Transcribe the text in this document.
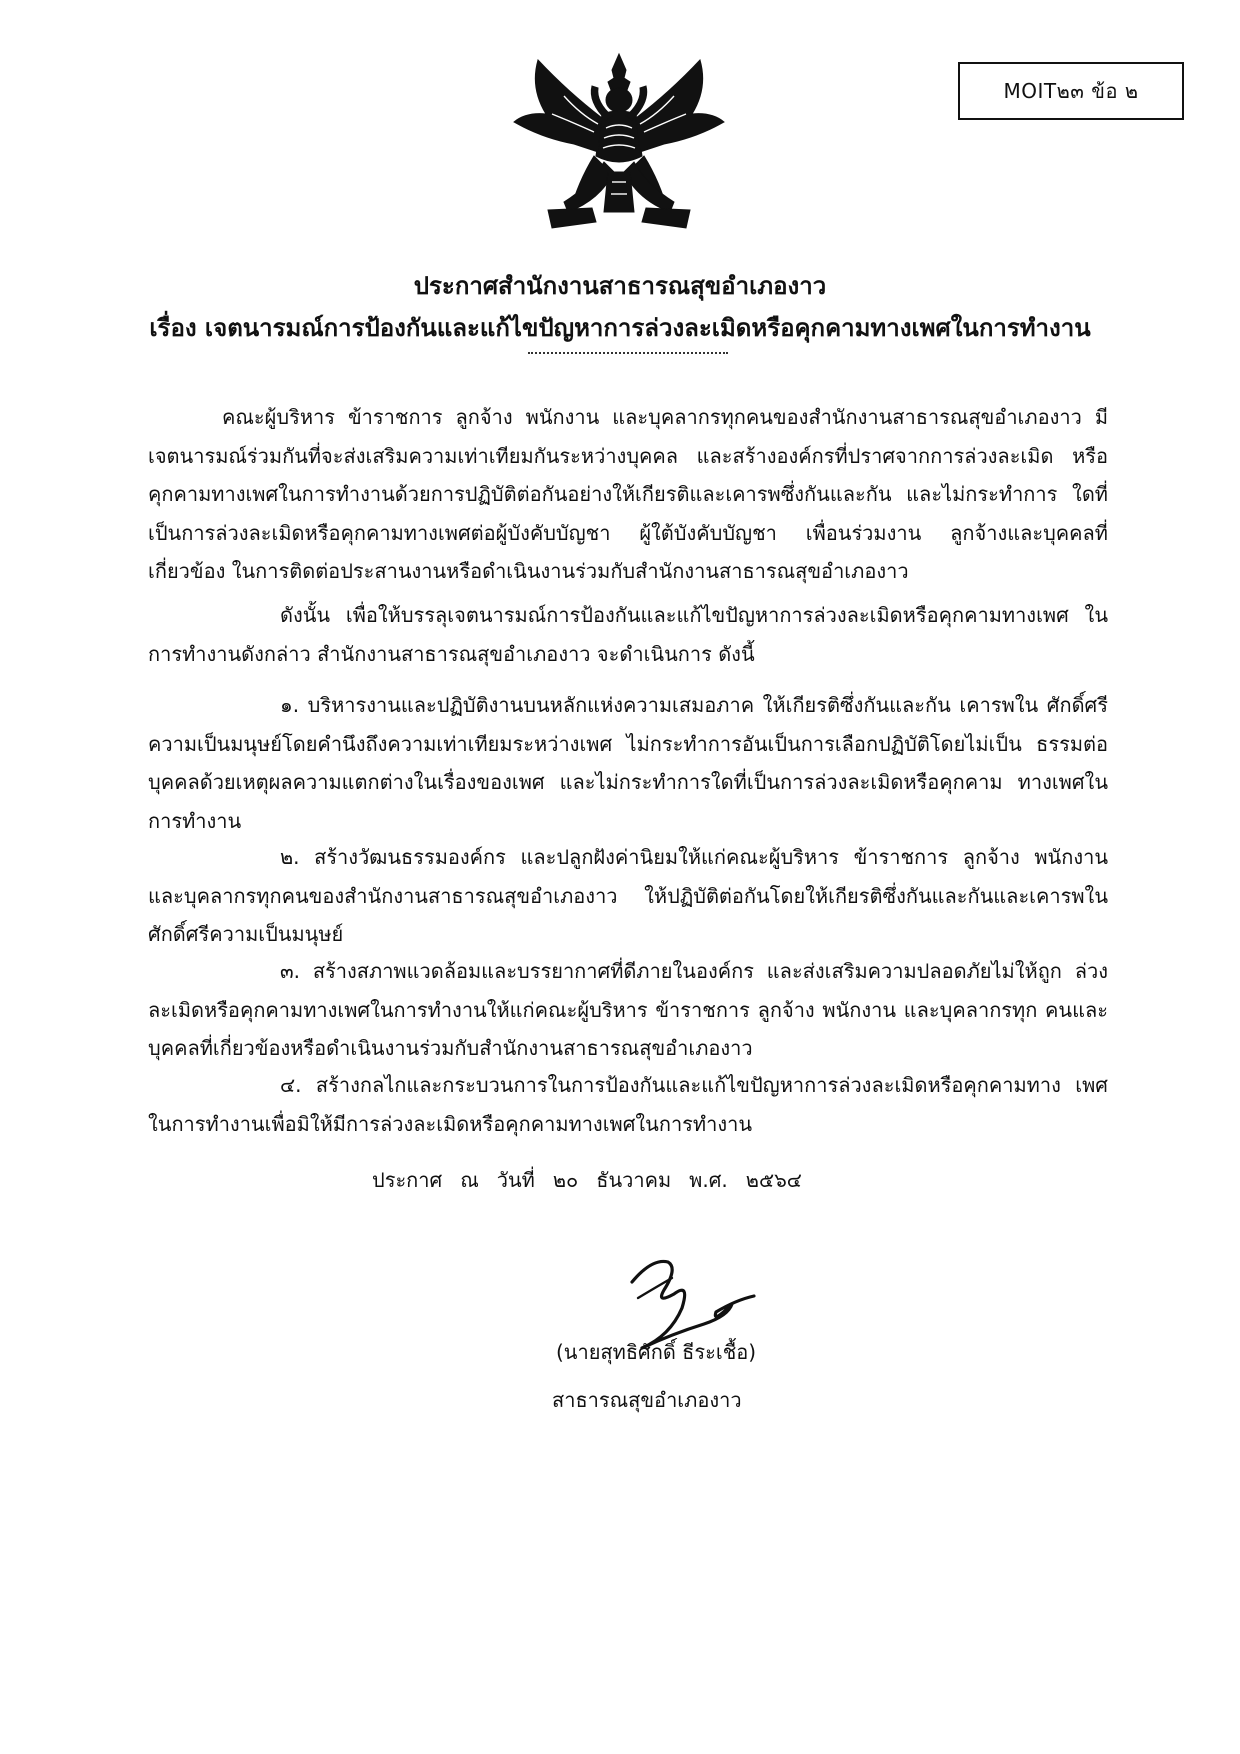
MOIT๒๓ ข้อ ๒
ประกาศสำนักงานสาธารณสุขอำเภองาว
เรื่อง เจตนารมณ์การป้องกันและแก้ไขปัญหาการล่วงละเมิดหรือคุกคามทางเพศในการทำงาน
คณะผู้บริหาร ข้าราชการ ลูกจ้าง พนักงาน และบุคลากรทุกคนของสำนักงานสาธารณสุขอำเภองาว มีเจตนารมณ์ร่วมกันที่จะส่งเสริมความเท่าเทียมกันระหว่างบุคคล และสร้างองค์กรที่ปราศจากการล่วงละเมิด หรือคุกคามทางเพศในการทำงานด้วยการปฏิบัติต่อกันอย่างให้เกียรติและเคารพซึ่งกันและกัน และไม่กระทำการ ใดที่เป็นการล่วงละเมิดหรือคุกคามทางเพศต่อผู้บังคับบัญชา ผู้ใต้บังคับบัญชา เพื่อนร่วมงาน ลูกจ้างและบุคคลที่ เกี่ยวข้อง ในการติดต่อประสานงานหรือดำเนินงานร่วมกับสำนักงานสาธารณสุขอำเภองาว
ดังนั้น เพื่อให้บรรลุเจตนารมณ์การป้องกันและแก้ไขปัญหาการล่วงละเมิดหรือคุกคามทางเพศ ในการทำงานดังกล่าว สำนักงานสาธารณสุขอำเภองาว จะดำเนินการ ดังนี้
๑. บริหารงานและปฏิบัติงานบนหลักแห่งความเสมอภาค ให้เกียรติซึ่งกันและกัน เคารพใน ศักดิ์ศรีความเป็นมนุษย์โดยคำนึงถึงความเท่าเทียมระหว่างเพศ ไม่กระทำการอันเป็นการเลือกปฏิบัติโดยไม่เป็น ธรรมต่อบุคคลด้วยเหตุผลความแตกต่างในเรื่องของเพศ และไม่กระทำการใดที่เป็นการล่วงละเมิดหรือคุกคาม ทางเพศในการทำงาน
๒. สร้างวัฒนธรรมองค์กร และปลูกฝังค่านิยมให้แก่คณะผู้บริหาร ข้าราชการ ลูกจ้าง พนักงาน และบุคลากรทุกคนของสำนักงานสาธารณสุขอำเภองาว ให้ปฏิบัติต่อกันโดยให้เกียรติซึ่งกันและกันและเคารพใน ศักดิ์ศรีความเป็นมนุษย์
๓. สร้างสภาพแวดล้อมและบรรยากาศที่ดีภายในองค์กร และส่งเสริมความปลอดภัยไม่ให้ถูก ล่วงละเมิดหรือคุกคามทางเพศในการทำงานให้แก่คณะผู้บริหาร ข้าราชการ ลูกจ้าง พนักงาน และบุคลากรทุก คนและบุคคลที่เกี่ยวข้องหรือดำเนินงานร่วมกับสำนักงานสาธารณสุขอำเภองาว
๔. สร้างกลไกและกระบวนการในการป้องกันและแก้ไขปัญหาการล่วงละเมิดหรือคุกคามทาง เพศในการทำงานเพื่อมิให้มีการล่วงละเมิดหรือคุกคามทางเพศในการทำงาน
ประกาศ ณ วันที่ ๒๐ ธันวาคม พ.ศ. ๒๕๖๔
(นายสุทธิศักดิ์ ธีระเชื้อ)
สาธารณสุขอำเภองาว
